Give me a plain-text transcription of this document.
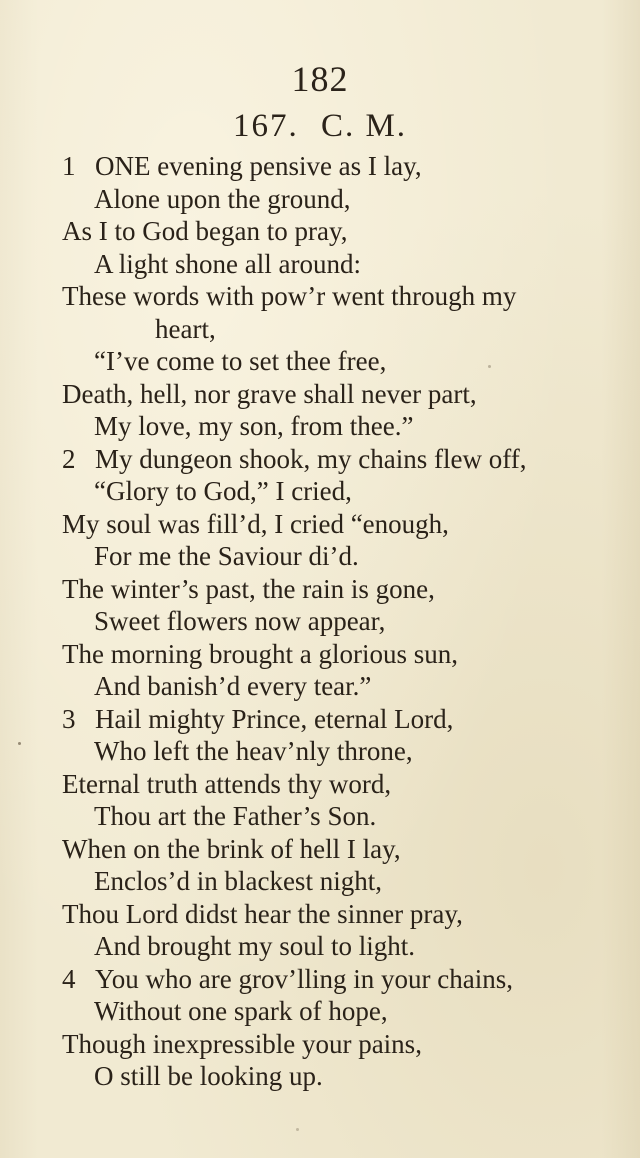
182
167. C. M.
1 ONE evening pensive as I lay,
Alone upon the ground,
As I to God began to pray,
A light shone all around:
These words with pow’r went through my
heart,
“I’ve come to set thee free,
Death, hell, nor grave shall never part,
My love, my son, from thee.”
2 My dungeon shook, my chains flew off,
“Glory to God,” I cried,
My soul was fill’d, I cried “enough,
For me the Saviour di’d.
The winter’s past, the rain is gone,
Sweet flowers now appear,
The morning brought a glorious sun,
And banish’d every tear.”
3 Hail mighty Prince, eternal Lord,
Who left the heav’nly throne,
Eternal truth attends thy word,
Thou art the Father’s Son.
When on the brink of hell I lay,
Enclos’d in blackest night,
Thou Lord didst hear the sinner pray,
And brought my soul to light.
4 You who are grov’lling in your chains,
Without one spark of hope,
Though inexpressible your pains,
O still be looking up.
